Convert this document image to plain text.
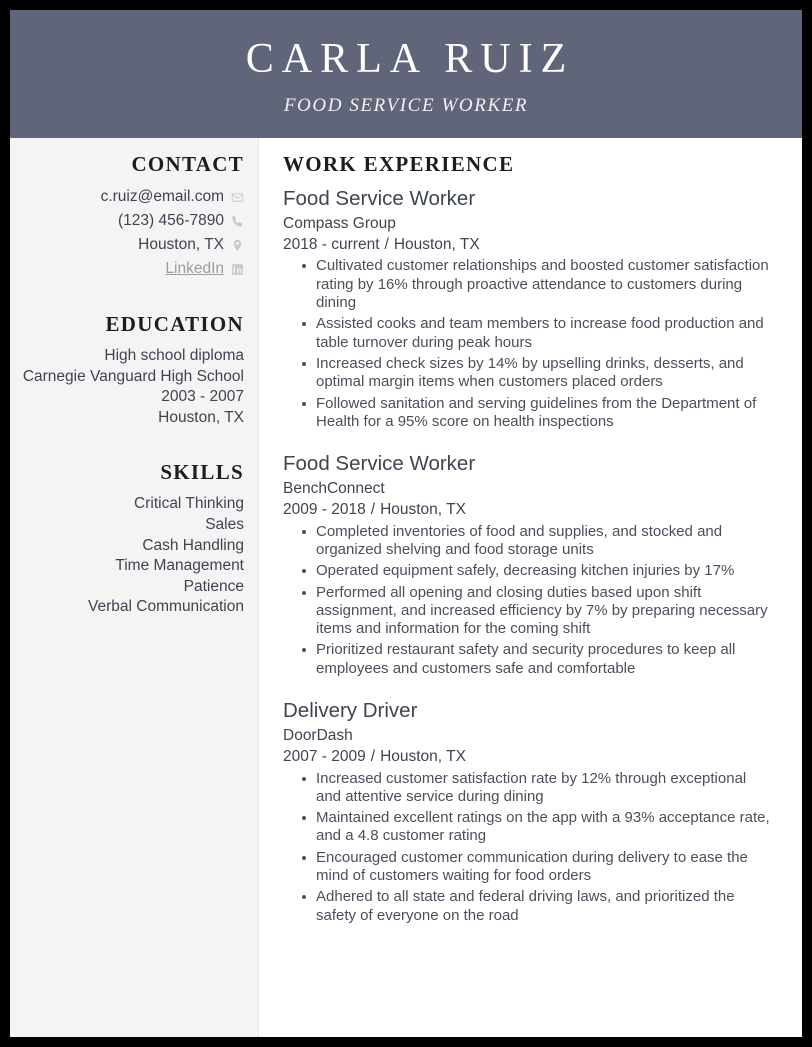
CARLA RUIZ
FOOD SERVICE WORKER
CONTACT
c.ruiz@email.com
(123) 456-7890
Houston, TX
LinkedIn
EDUCATION
High school diploma
Carnegie Vanguard High School
2003 - 2007
Houston, TX
SKILLS
Critical Thinking
Sales
Cash Handling
Time Management
Patience
Verbal Communication
WORK EXPERIENCE
Food Service Worker
Compass Group
2018 - current / Houston, TX
Cultivated customer relationships and boosted customer satisfaction rating by 16% through proactive attendance to customers during dining
Assisted cooks and team members to increase food production and table turnover during peak hours
Increased check sizes by 14% by upselling drinks, desserts, and optimal margin items when customers placed orders
Followed sanitation and serving guidelines from the Department of Health for a 95% score on health inspections
Food Service Worker
BenchConnect
2009 - 2018 / Houston, TX
Completed inventories of food and supplies, and stocked and organized shelving and food storage units
Operated equipment safely, decreasing kitchen injuries by 17%
Performed all opening and closing duties based upon shift assignment, and increased efficiency by 7% by preparing necessary items and information for the coming shift
Prioritized restaurant safety and security procedures to keep all employees and customers safe and comfortable
Delivery Driver
DoorDash
2007 - 2009 / Houston, TX
Increased customer satisfaction rate by 12% through exceptional and attentive service during dining
Maintained excellent ratings on the app with a 93% acceptance rate, and a 4.8 customer rating
Encouraged customer communication during delivery to ease the mind of customers waiting for food orders
Adhered to all state and federal driving laws, and prioritized the safety of everyone on the road
